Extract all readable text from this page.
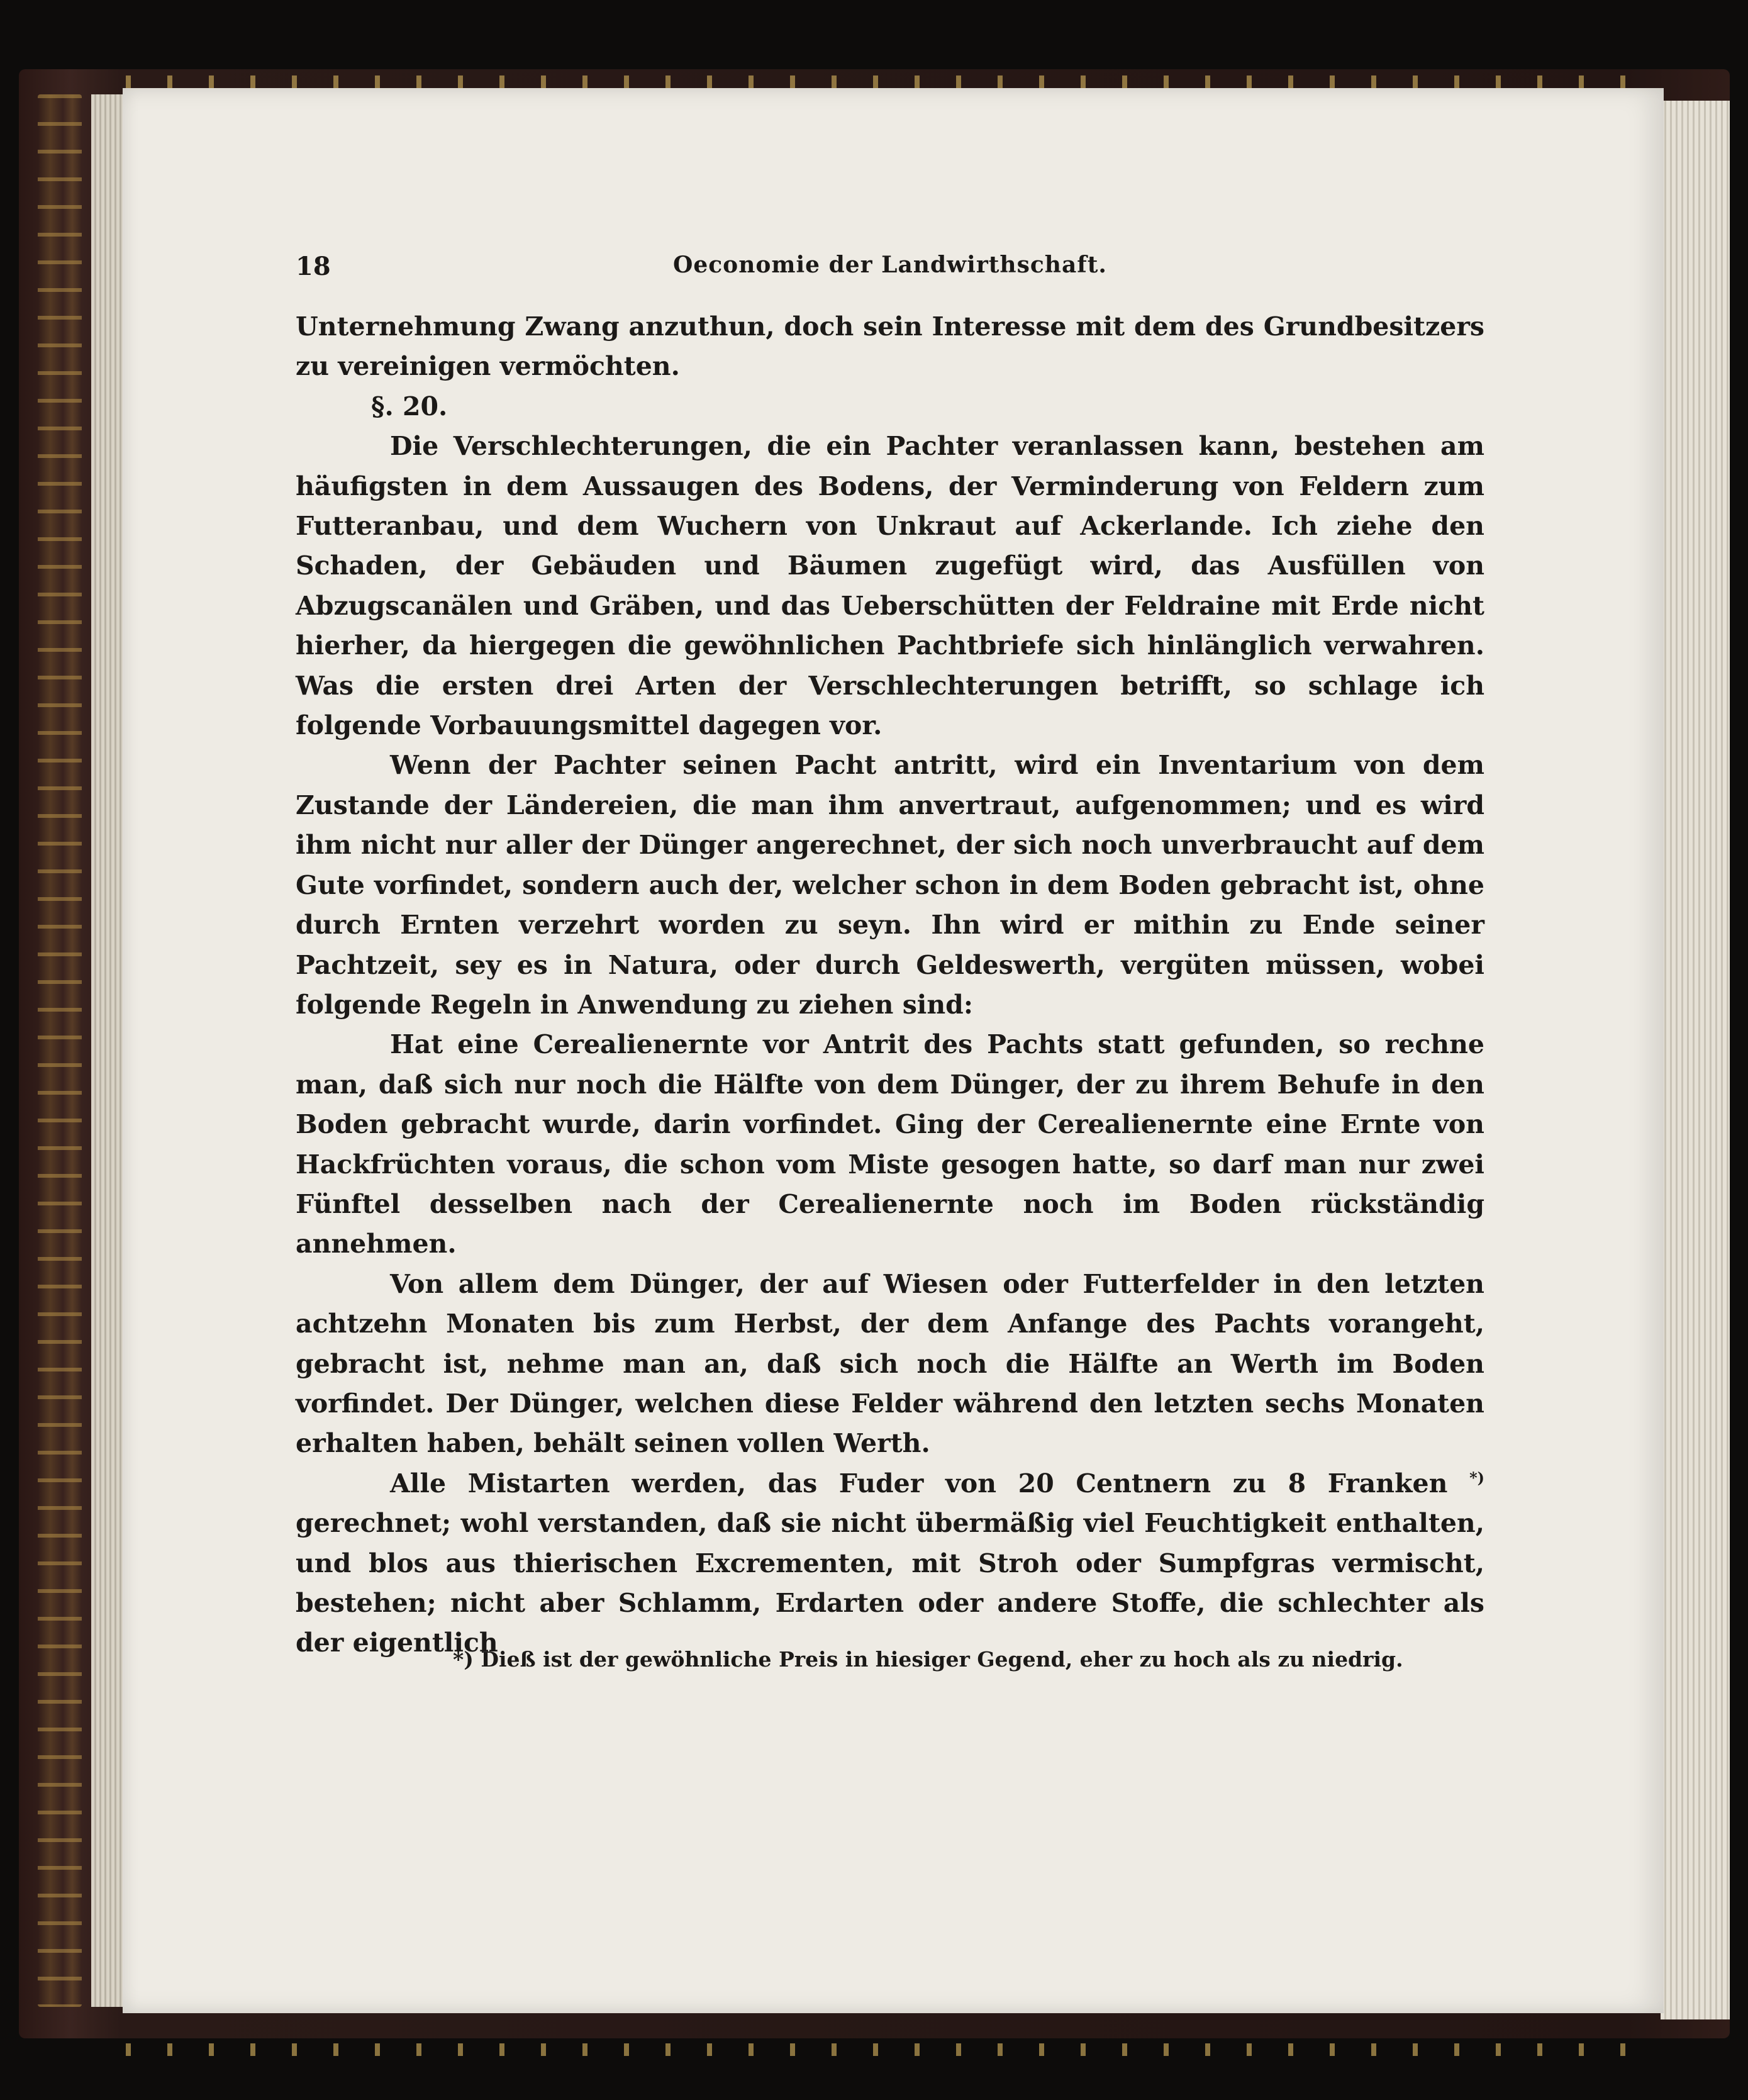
18	Oeconomie der Landwirthschaft.

Unternehmung Zwang anzuthun, doch sein Interesse mit dem des Grundbesitzers zu vereinigen vermöchten.

§. 20.

Die Verschlechterungen, die ein Pachter veranlassen kann, bestehen am häufigsten in dem Aussaugen des Bodens, der Verminderung von Feldern zum Futteranbau, und dem Wuchern von Unkraut auf Ackerlande. Ich ziehe den Schaden, der Gebäuden und Bäumen zugefügt wird, das Ausfüllen von Abzugscanälen und Gräben, und das Ueberschütten der Feldraine mit Erde nicht hierher, da hiergegen die gewöhnlichen Pachtbriefe sich hinlänglich verwahren. Was die ersten drei Arten der Verschlechterungen betrifft, so schlage ich folgende Vorbauungsmittel dagegen vor.

Wenn der Pachter seinen Pacht antritt, wird ein Inventarium von dem Zustande der Ländereien, die man ihm anvertraut, aufgenommen; und es wird ihm nicht nur aller der Dünger angerechnet, der sich noch unverbraucht auf dem Gute vorfindet, sondern auch der, welcher schon in dem Boden gebracht ist, ohne durch Ernten verzehrt worden zu seyn. Ihn wird er mithin zu Ende seiner Pachtzeit, sey es in Natura, oder durch Geldeswerth, vergüten müssen, wobei folgende Regeln in Anwendung zu ziehen sind:

Hat eine Cerealienernte vor Antrit des Pachts statt gefunden, so rechne man, daß sich nur noch die Hälfte von dem Dünger, der zu ihrem Behufe in den Boden gebracht wurde, darin vorfindet. Ging der Cerealienernte eine Ernte von Hackfrüchten voraus, die schon vom Miste gesogen hatte, so darf man nur zwei Fünftel desselben nach der Cerealienernte noch im Boden rückständig annehmen.

Von allem dem Dünger, der auf Wiesen oder Futterfelder in den letzten achtzehn Monaten bis zum Herbst, der dem Anfange des Pachts vorangeht, gebracht ist, nehme man an, daß sich noch die Hälfte an Werth im Boden vorfindet. Der Dünger, welchen diese Felder während den letzten sechs Monaten erhalten haben, behält seinen vollen Werth.

Alle Mistarten werden, das Fuder von 20 Centnern zu 8 Franken *) gerechnet; wohl verstanden, daß sie nicht übermäßig viel Feuchtigkeit enthalten, und blos aus thierischen Excrementen, mit Stroh oder Sumpfgras vermischt, bestehen; nicht aber Schlamm, Erdarten oder andere Stoffe, die schlechter als der eigentlich

*) Dieß ist der gewöhnliche Preis in hiesiger Gegend, eher zu hoch als zu niedrig.
